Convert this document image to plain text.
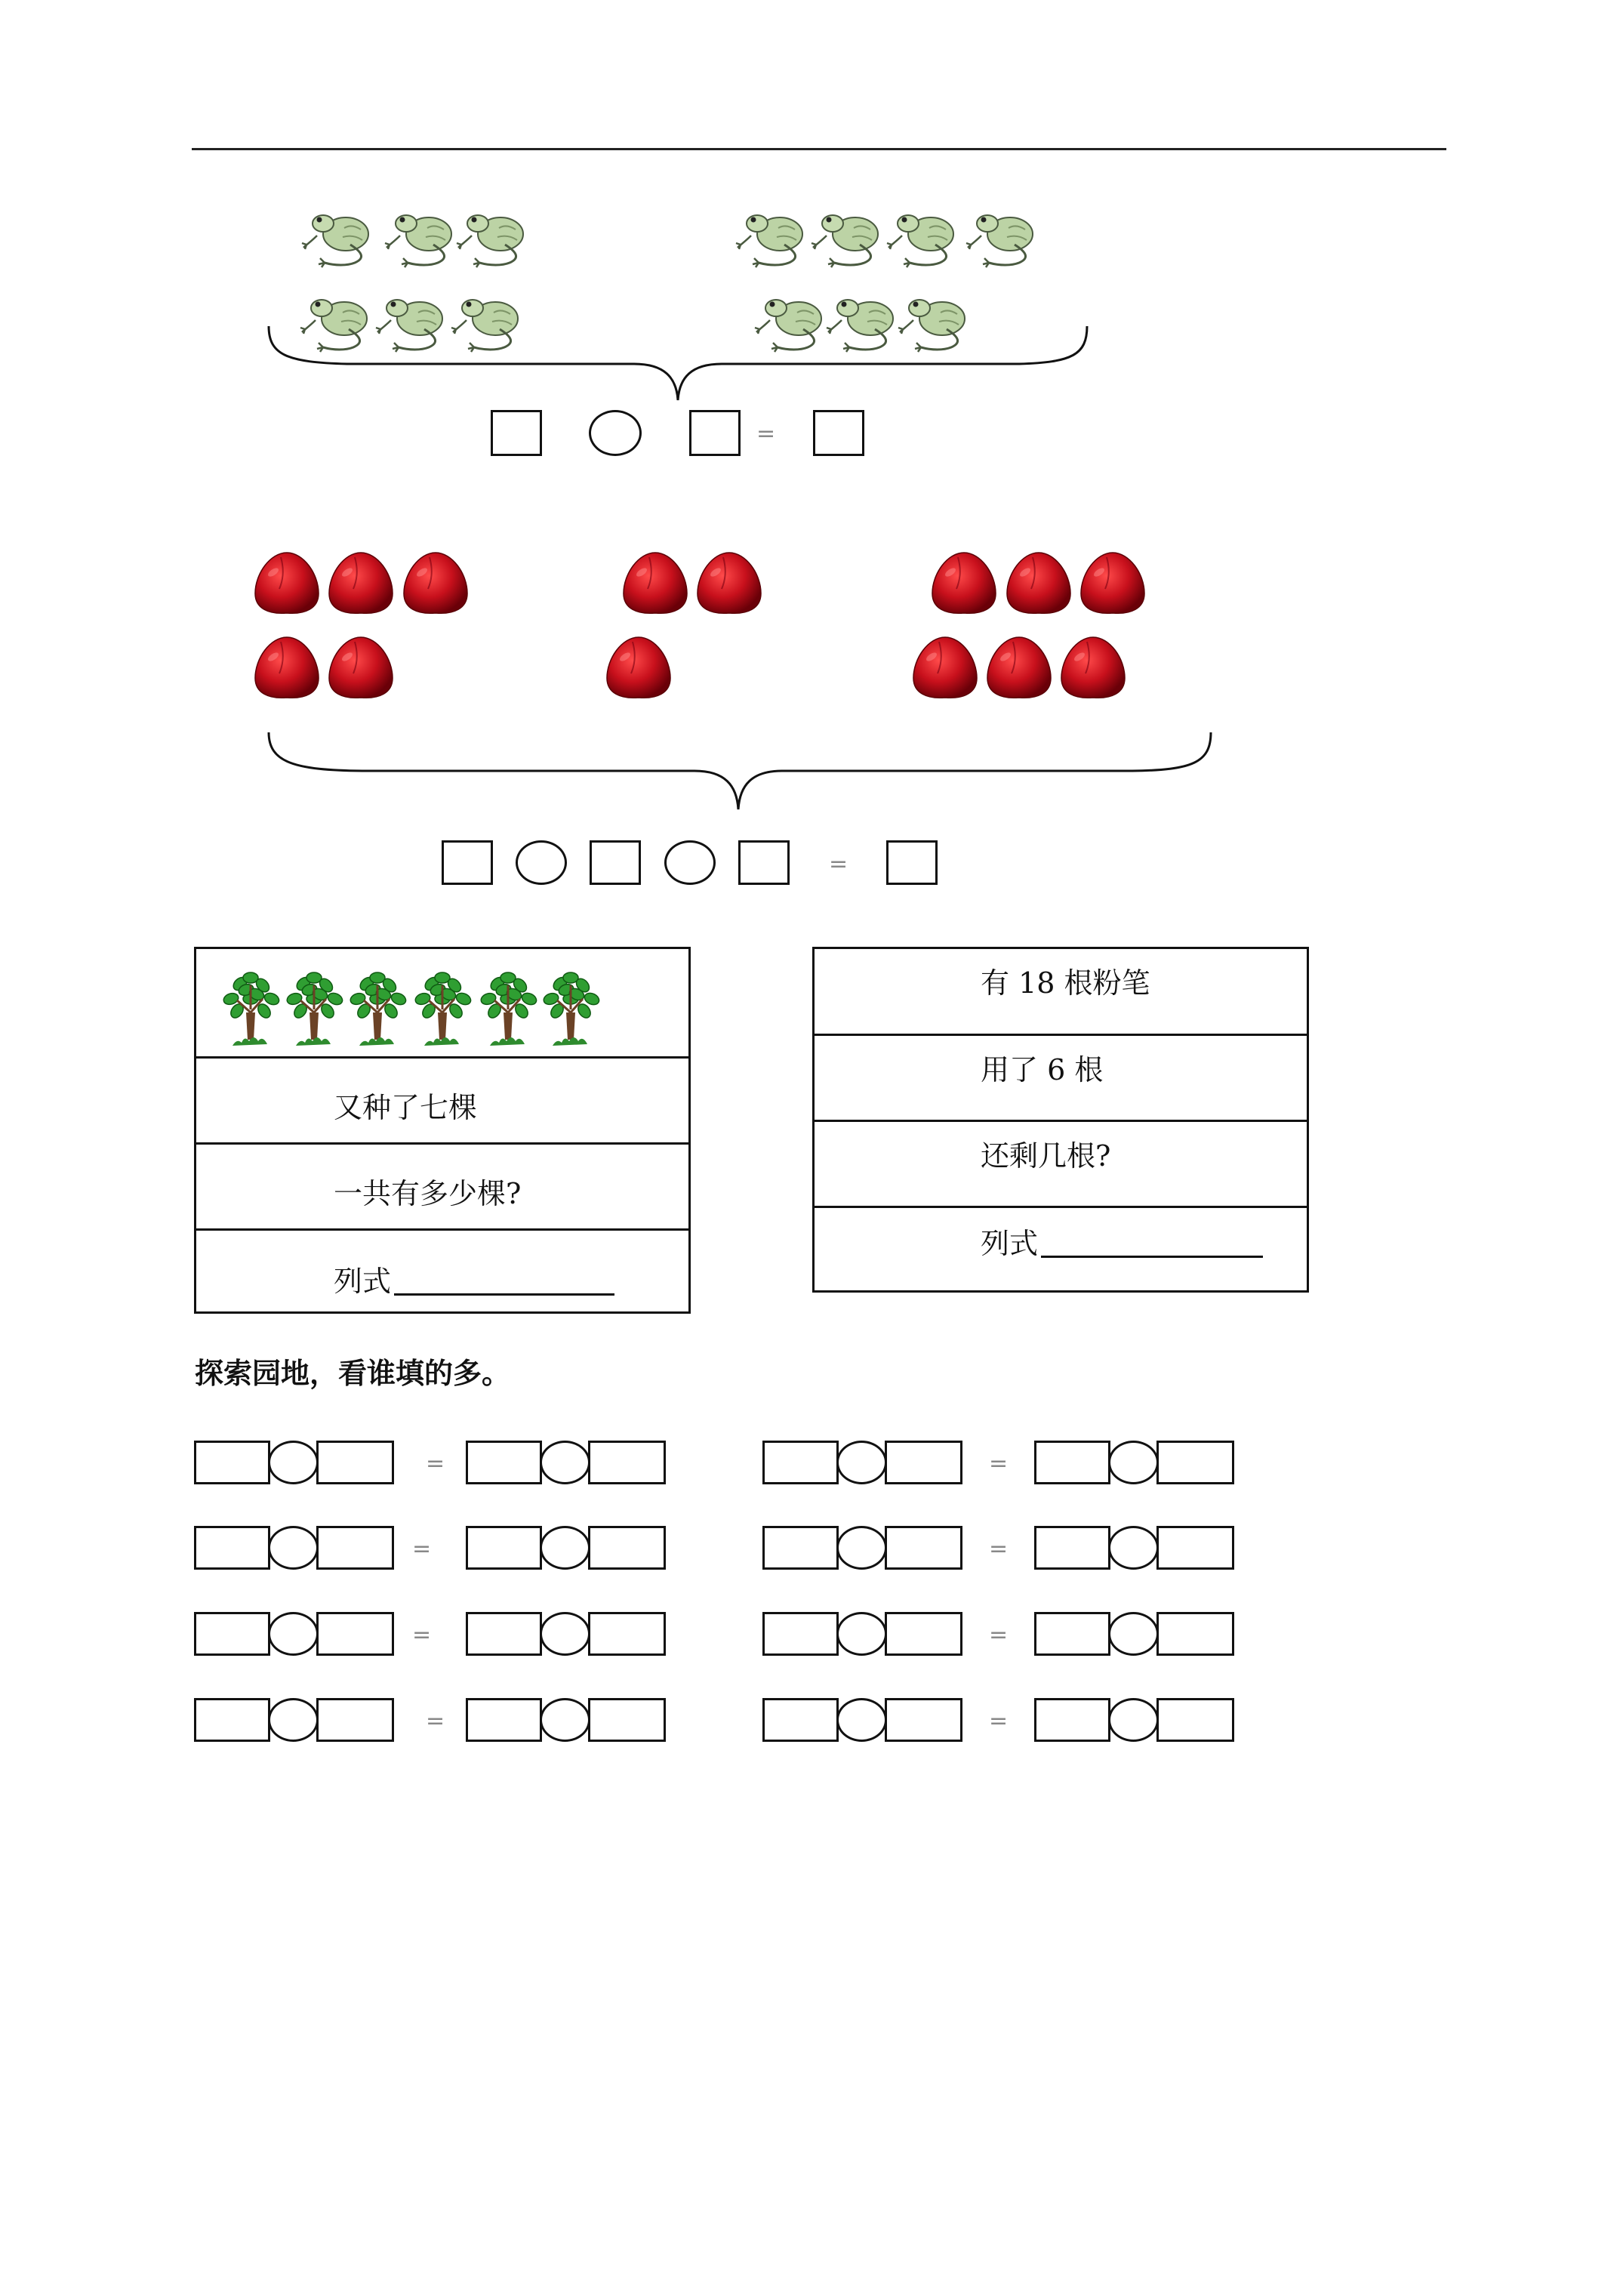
=
=
又种了七棵
一共有多少棵?
列式
有 18 根粉笔
用了 6 根
还剩几根?
列式
探索园地，看谁填的多。
=	=
=	=
=	=
=	=
